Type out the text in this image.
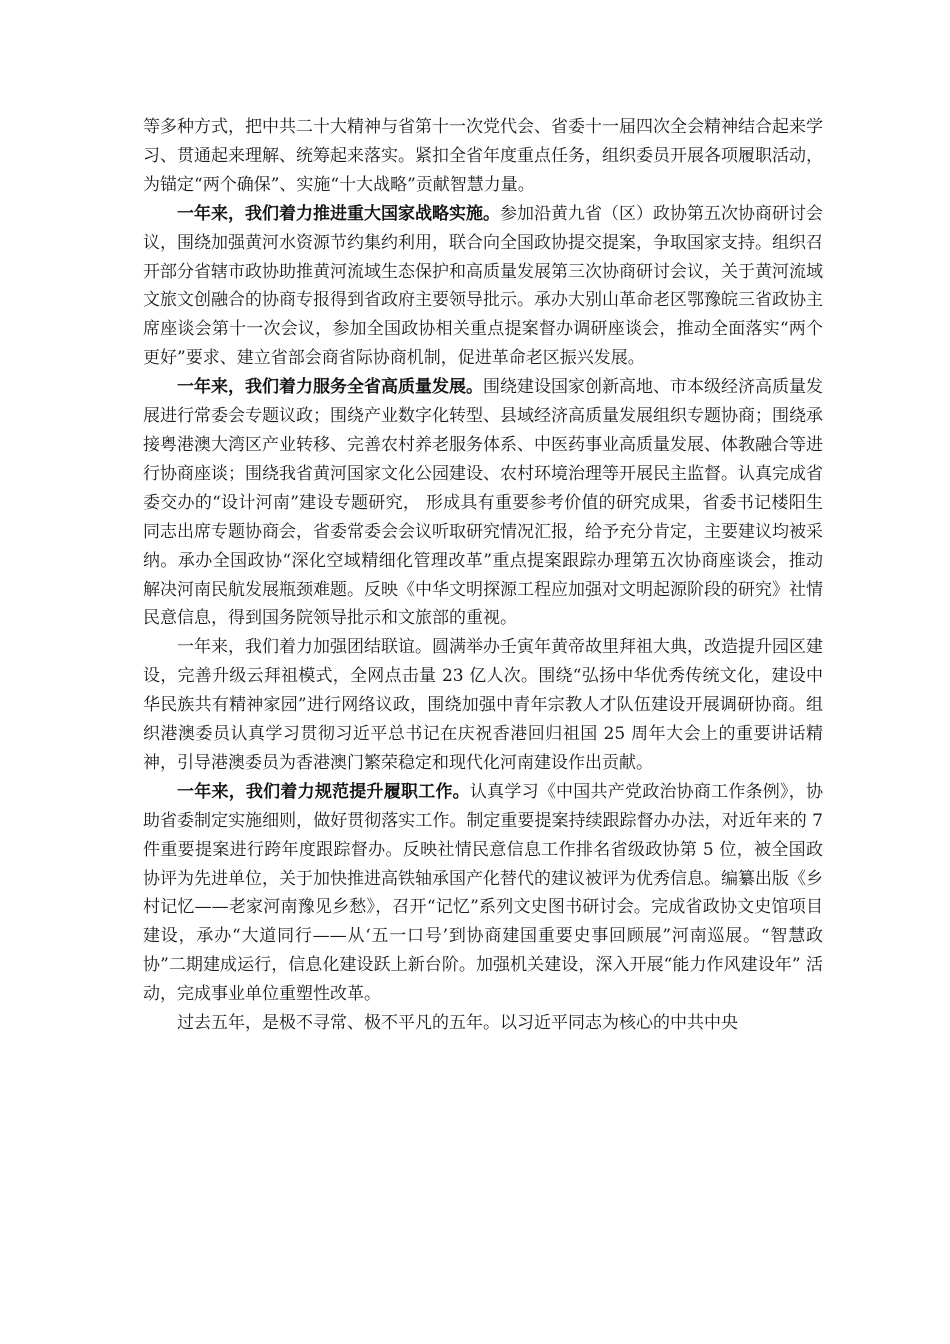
等多种方式，把中共二十大精神与省第十一次党代会、省委十一届四次全会精神结合起来学习、贯通起来理解、统筹起来落实。紧扣全省年度重点任务，组织委员开展各项履职活动，为锚定“两个确保”、实施“十大战略”贡献智慧力量。

一年来，我们着力推进重大国家战略实施。参加沿黄九省（区）政协第五次协商研讨会议，围绕加强黄河水资源节约集约利用，联合向全国政协提交提案，争取国家支持。组织召开部分省辖市政协助推黄河流域生态保护和高质量发展第三次协商研讨会议，关于黄河流域文旅文创融合的协商专报得到省政府主要领导批示。承办大别山革命老区鄂豫皖三省政协主席座谈会第十一次会议，参加全国政协相关重点提案督办调研座谈会，推动全面落实“两个更好”要求、建立省部会商省际协商机制，促进革命老区振兴发展。

一年来，我们着力服务全省高质量发展。围绕建设国家创新高地、市本级经济高质量发展进行常委会专题议政；围绕产业数字化转型、县域经济高质量发展组织专题协商；围绕承接粤港澳大湾区产业转移、完善农村养老服务体系、中医药事业高质量发展、体教融合等进行协商座谈；围绕我省黄河国家文化公园建设、农村环境治理等开展民主监督。认真完成省委交办的“设计河南”建设专题研究， 形成具有重要参考价值的研究成果，省委书记楼阳生同志出席专题协商会，省委常委会会议听取研究情况汇报，给予充分肯定，主要建议均被采纳。承办全国政协“深化空域精细化管理改革”重点提案跟踪办理第五次协商座谈会，推动解决河南民航发展瓶颈难题。反映《中华文明探源工程应加强对文明起源阶段的研究》社情民意信息，得到国务院领导批示和文旅部的重视。

一年来，我们着力加强团结联谊。圆满举办壬寅年黄帝故里拜祖大典，改造提升园区建设，完善升级云拜祖模式，全网点击量 23 亿人次。围绕“弘扬中华优秀传统文化，建设中华民族共有精神家园”进行网络议政，围绕加强中青年宗教人才队伍建设开展调研协商。组织港澳委员认真学习贯彻习近平总书记在庆祝香港回归祖国 25 周年大会上的重要讲话精神，引导港澳委员为香港澳门繁荣稳定和现代化河南建设作出贡献。

一年来，我们着力规范提升履职工作。认真学习《中国共产党政治协商工作条例》，协助省委制定实施细则，做好贯彻落实工作。制定重要提案持续跟踪督办办法，对近年来的 7 件重要提案进行跨年度跟踪督办。反映社情民意信息工作排名省级政协第 5 位，被全国政协评为先进单位，关于加快推进高铁轴承国产化替代的建议被评为优秀信息。编纂出版《乡村记忆——老家河南豫见乡愁》，召开“记忆”系列文史图书研讨会。完成省政协文史馆项目建设，承办“大道同行——从‘五一口号’到协商建国重要史事回顾展”河南巡展。“智慧政协”二期建成运行，信息化建设跃上新台阶。加强机关建设，深入开展“能力作风建设年” 活动，完成事业单位重塑性改革。

过去五年，是极不寻常、极不平凡的五年。以习近平同志为核心的中共中央
